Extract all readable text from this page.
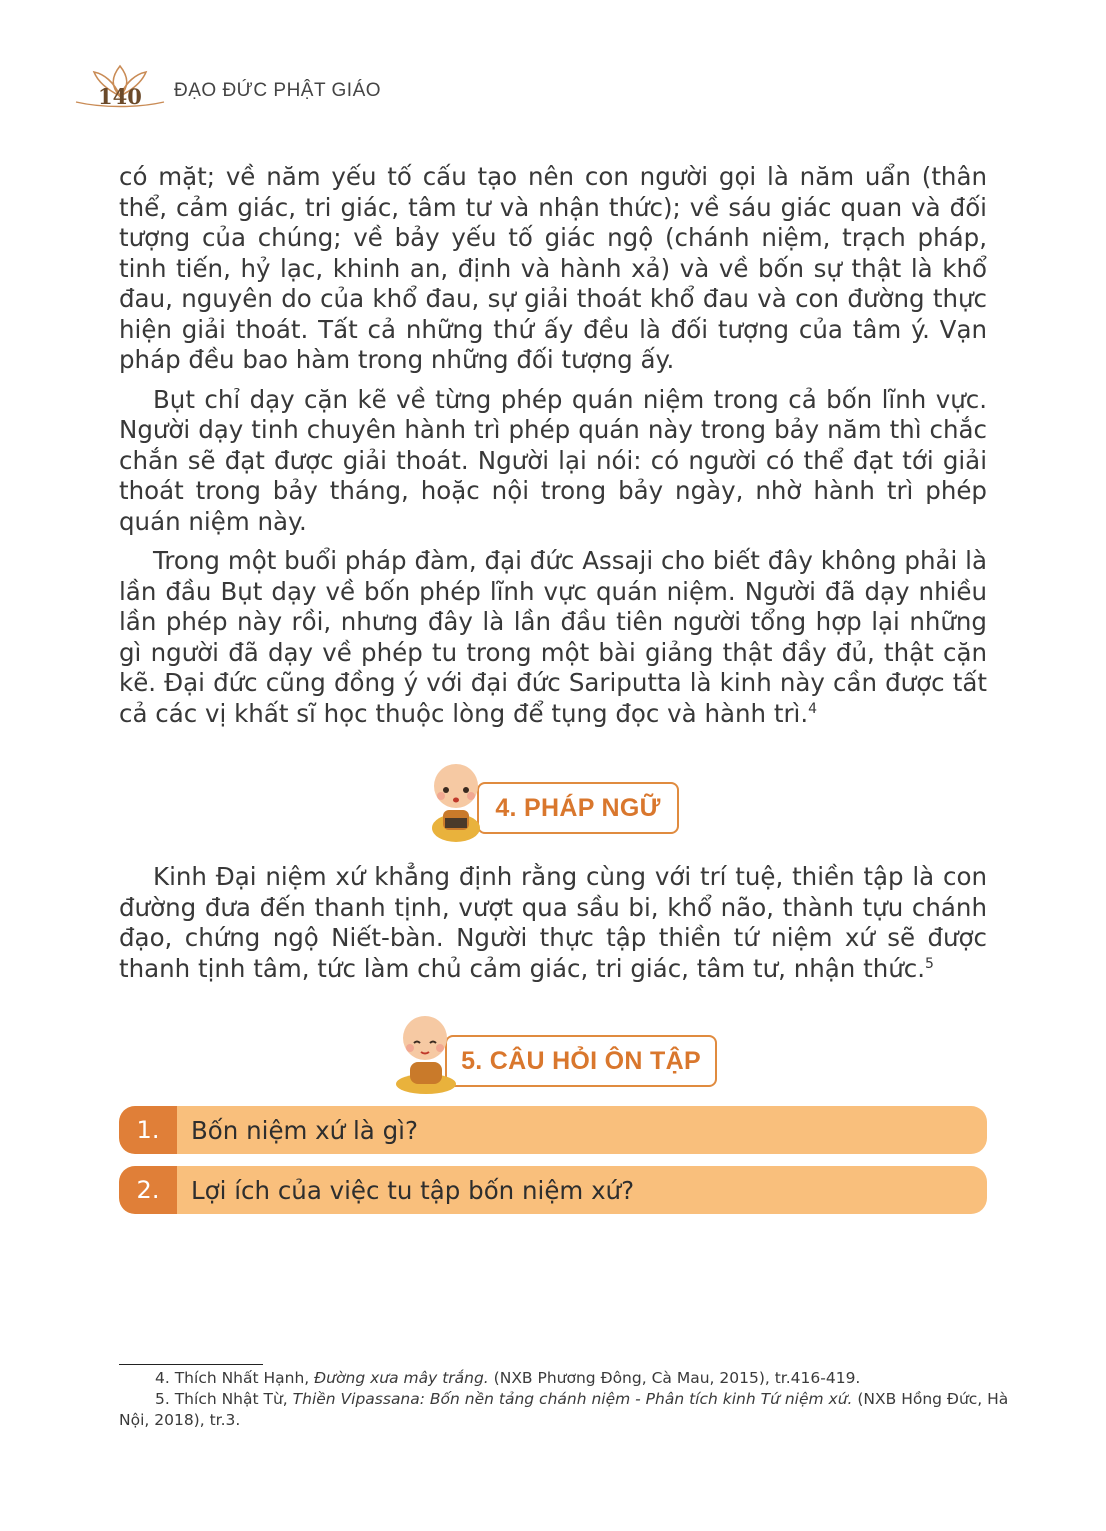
140 ĐẠO ĐỨC PHẬT GIÁO

có mặt; về năm yếu tố cấu tạo nên con người gọi là năm uẩn (thân thể, cảm giác, tri giác, tâm tư và nhận thức); về sáu giác quan và đối tượng của chúng; về bảy yếu tố giác ngộ (chánh niệm, trạch pháp, tinh tiến, hỷ lạc, khinh an, định và hành xả) và về bốn sự thật là khổ đau, nguyên do của khổ đau, sự giải thoát khổ đau và con đường thực hiện giải thoát. Tất cả những thứ ấy đều là đối tượng của tâm ý. Vạn pháp đều bao hàm trong những đối tượng ấy.

Bụt chỉ dạy cặn kẽ về từng phép quán niệm trong cả bốn lĩnh vực. Người dạy tinh chuyên hành trì phép quán này trong bảy năm thì chắc chắn sẽ đạt được giải thoát. Người lại nói: có người có thể đạt tới giải thoát trong bảy tháng, hoặc nội trong bảy ngày, nhờ hành trì phép quán niệm này.

Trong một buổi pháp đàm, đại đức Assaji cho biết đây không phải là lần đầu Bụt dạy về bốn phép lĩnh vực quán niệm. Người đã dạy nhiều lần phép này rồi, nhưng đây là lần đầu tiên người tổng hợp lại những gì người đã dạy về phép tu trong một bài giảng thật đầy đủ, thật cặn kẽ. Đại đức cũng đồng ý với đại đức Sariputta là kinh này cần được tất cả các vị khất sĩ học thuộc lòng để tụng đọc và hành trì.$^4$

4. PHÁP NGỮ

Kinh Đại niệm xứ khẳng định rằng cùng với trí tuệ, thiền tập là con đường đưa đến thanh tịnh, vượt qua sầu bi, khổ não, thành tựu chánh đạo, chứng ngộ Niết-bàn. Người thực tập thiền tứ niệm xứ sẽ được thanh tịnh tâm, tức làm chủ cảm giác, tri giác, tâm tư, nhận thức.$^5$

5. CÂU HỎI ÔN TẬP
1.	Bốn niệm xứ là gì?
2.	Lợi ích của việc tu tập bốn niệm xứ?

4. Thích Nhất Hạnh, Đường xưa mây trắng. (NXB Phương Đông, Cà Mau, 2015), tr.416-419.

5. Thích Nhật Từ, Thiền Vipassana: Bốn nền tảng chánh niệm - Phân tích kinh Tứ niệm xứ. (NXB Hồng Đức, Hà Nội, 2018), tr.3.
